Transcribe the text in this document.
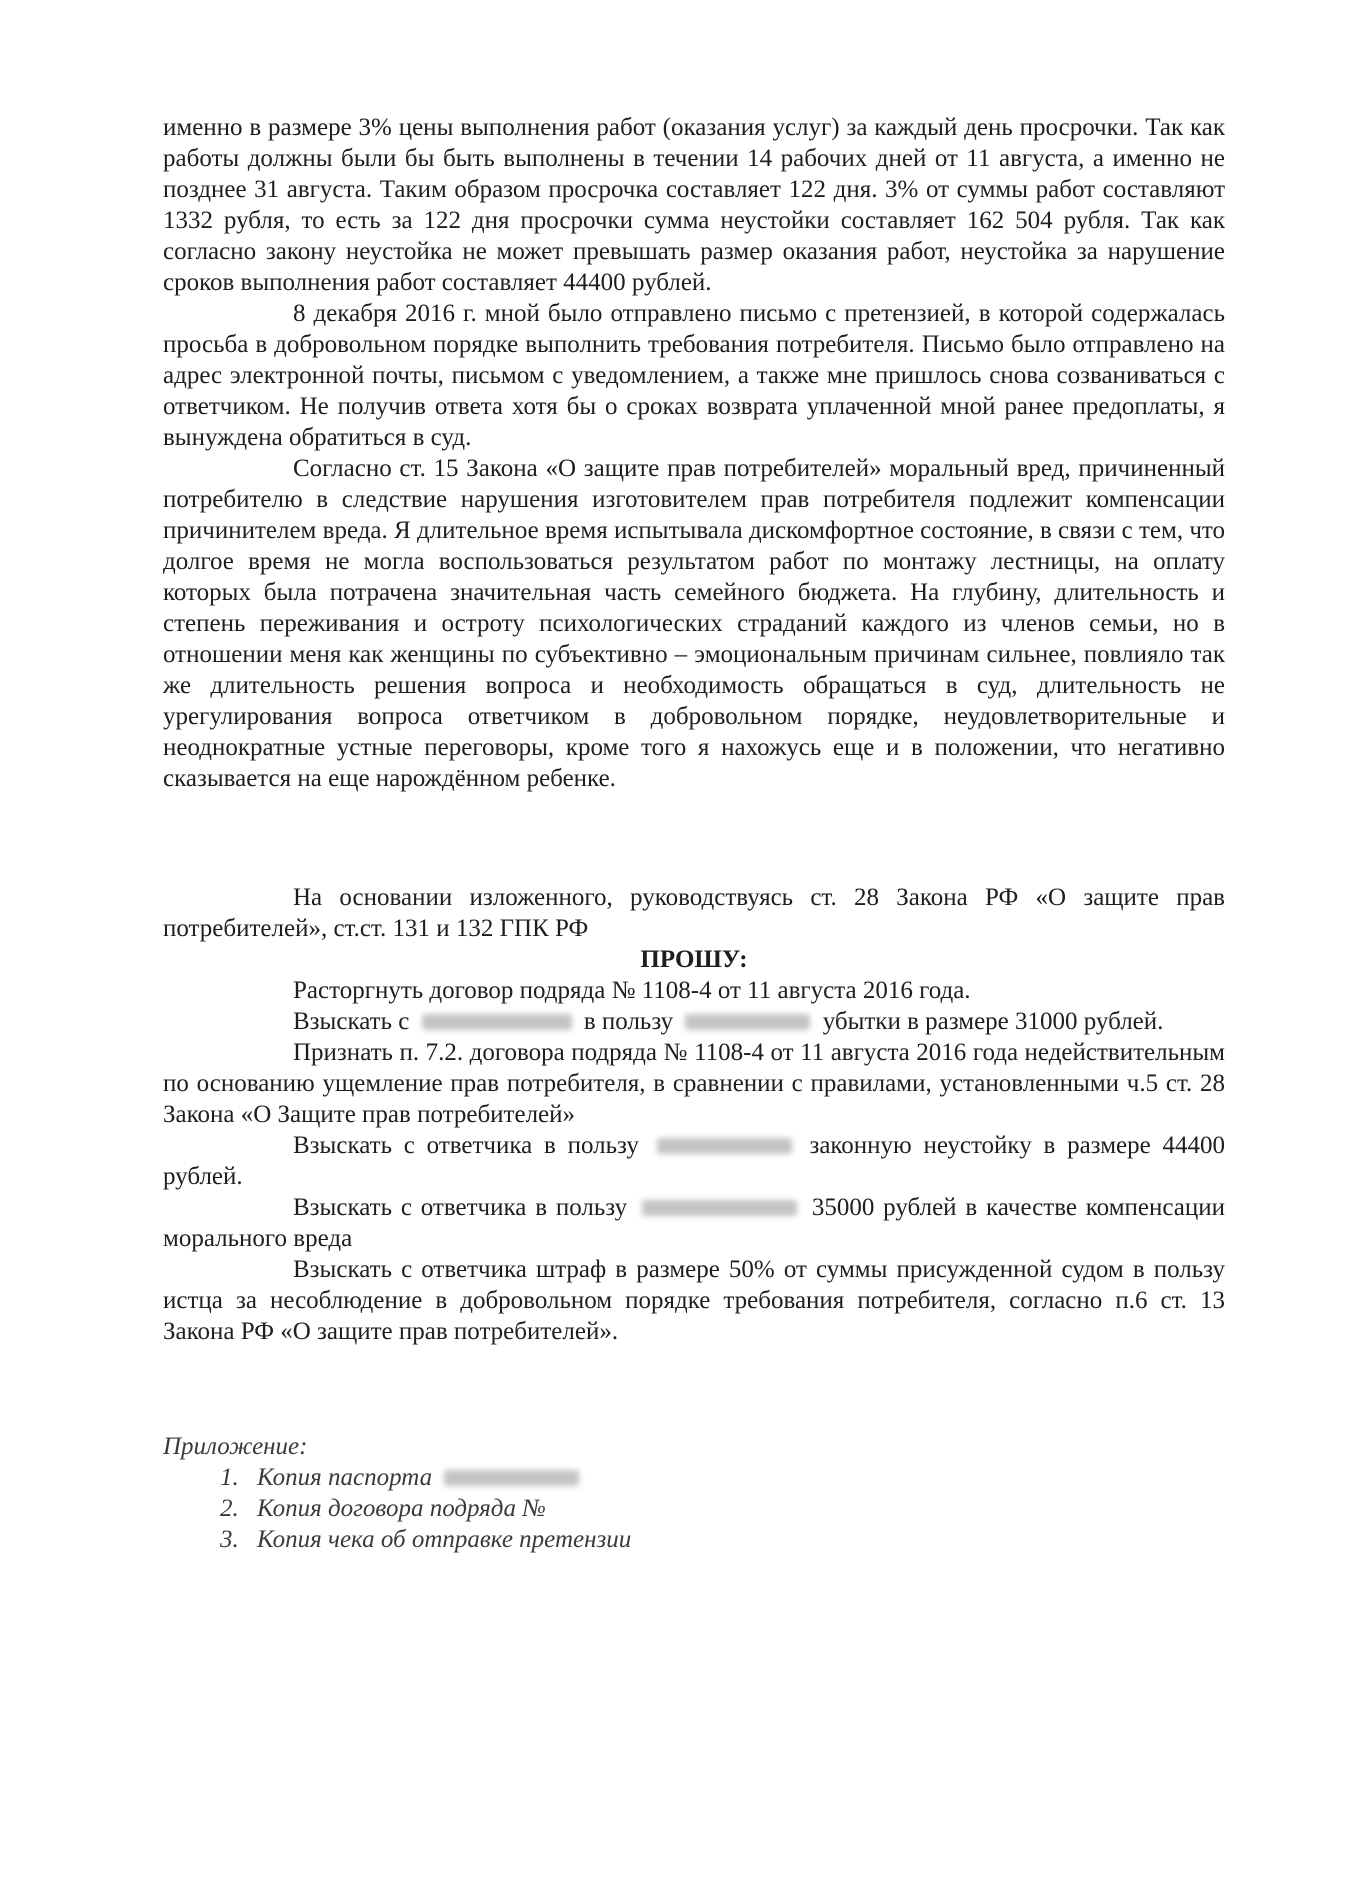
именно в размере 3% цены выполнения работ (оказания услуг) за каждый день просрочки. Так как работы должны были бы быть выполнены в течении 14 рабочих дней от 11 августа, а именно не позднее 31 августа. Таким образом просрочка составляет 122 дня. 3% от суммы работ составляют 1332 рубля, то есть за 122 дня просрочки сумма неустойки составляет 162 504 рубля. Так как согласно закону неустойка не может превышать размер оказания работ, неустойка за нарушение сроков выполнения работ составляет 44400 рублей.

8 декабря 2016 г. мной было отправлено письмо с претензией, в которой содержалась просьба в добровольном порядке выполнить требования потребителя. Письмо было отправлено на адрес электронной почты, письмом с уведомлением, а также мне пришлось снова созваниваться с ответчиком. Не получив ответа хотя бы о сроках возврата уплаченной мной ранее предоплаты, я вынуждена обратиться в суд.

Согласно ст. 15 Закона «О защите прав потребителей» моральный вред, причиненный потребителю в следствие нарушения изготовителем прав потребителя подлежит компенсации причинителем вреда. Я длительное время испытывала дискомфортное состояние, в связи с тем, что долгое время не могла воспользоваться результатом работ по монтажу лестницы, на оплату которых была потрачена значительная часть семейного бюджета. На глубину, длительность и степень переживания и остроту психологических страданий каждого из членов семьи, но в отношении меня как женщины по субъективно – эмоциональным причинам сильнее, повлияло так же длительность решения вопроса и необходимость обращаться в суд, длительность не урегулирования вопроса ответчиком в добровольном порядке, неудовлетворительные и неоднократные устные переговоры, кроме того я нахожусь еще и в положении, что негативно сказывается на еще нарождённом ребенке.

На основании изложенного, руководствуясь ст. 28 Закона РФ «О защите прав потребителей», ст.ст. 131 и 132 ГПК РФ

ПРОШУ:

Расторгнуть договор подряда № 1108-4 от 11 августа 2016 года.

Взыскать с	в пользу	убытки в размере 31000 рублей.

Признать п. 7.2. договора подряда № 1108-4 от 11 августа 2016 года недействительным по основанию ущемление прав потребителя, в сравнении с правилами, установленными ч.5 ст. 28 Закона «О Защите прав потребителей»

Взыскать с ответчика в пользу	законную неустойку в размере 44400 рублей.

Взыскать с ответчика в пользу	35000 рублей в качестве компенсации морального вреда

Взыскать с ответчика штраф в размере 50% от суммы присужденной судом в пользу истца за несоблюдение в добровольном порядке требования потребителя, согласно п.6 ст. 13 Закона РФ «О защите прав потребителей».

Приложение:
1. Копия паспорта
2. Копия договора подряда №
3. Копия чека об отправке претензии
